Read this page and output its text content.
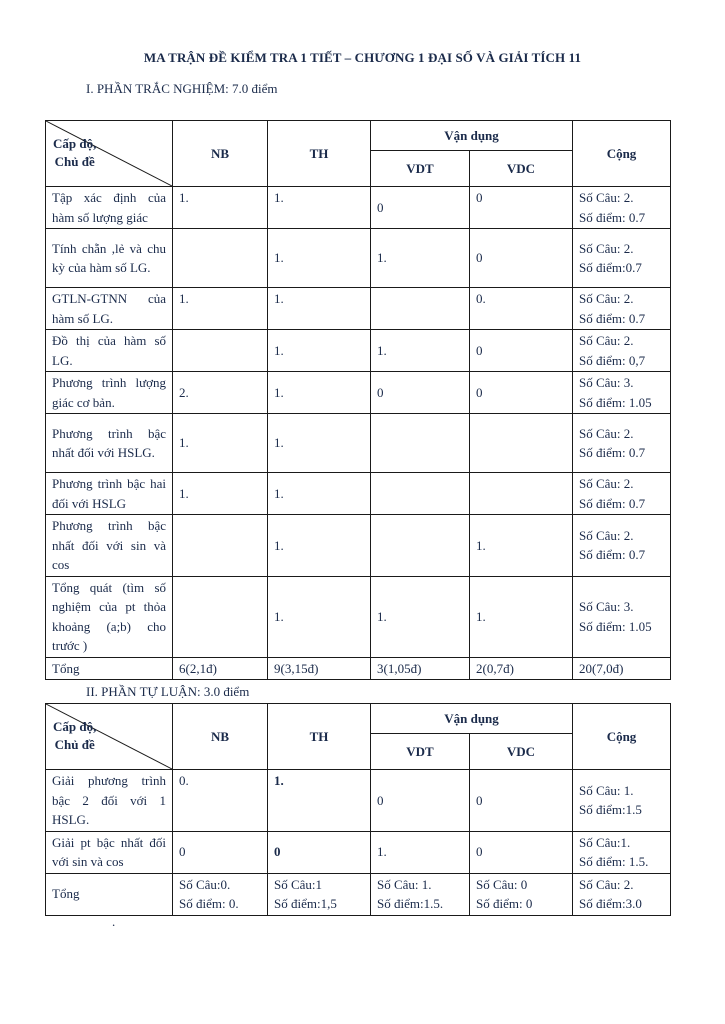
MA TRẬN ĐỀ KIỂM TRA 1 TIẾT – CHƯƠNG 1 ĐẠI SỐ VÀ GIẢI TÍCH 11
I. PHẦN TRẮC NGHIỆM: 7.0 điểm
Cấp độ,
Chủ đề	NB	TH	Vận dụng		Cộng
			VDT	VDC	
Tập xác định của hàm số lượng giác	1.	1.	0	0	Số Câu: 2.
Số điểm: 0.7
Tính chẵn ,lẻ và chu kỳ của hàm số LG.		1.	1.	0	Số Câu: 2.
Số điểm:0.7
GTLN-GTNN của hàm số LG.	1.	1.		0.	Số Câu: 2.
Số điểm: 0.7
Đồ thị của hàm số LG.		1.	1.	0	Số Câu: 2.
Số điểm: 0,7
Phương trình lượng giác cơ bản.	2.	1.	0	0	Số Câu: 3.
Số điểm: 1.05
Phương trình bậc nhất đối với HSLG.	1.	1.			Số Câu: 2.
Số điểm: 0.7
Phương trình bậc hai đối với HSLG	1.	1.			Số Câu: 2.
Số điểm: 0.7
Phương trình bậc nhất đối với sin và cos		1.		1.	Số Câu: 2.
Số điểm: 0.7
Tổng quát (tìm số nghiệm của pt thỏa khoảng (a;b) cho trước )		1.	1.	1.	Số Câu: 3.
Số điểm: 1.05
Tổng	6(2,1đ)	9(3,15đ)	3(1,05đ)	2(0,7đ)	20(7,0đ)
II. PHẦN TỰ LUẬN: 3.0 điểm
Cấp độ,
Chủ đề	NB	TH	Vận dụng		Cộng
			VDT	VDC	
Giải phương trình bậc 2 đối với 1 HSLG.	0.	1.	0	0	Số Câu: 1.
Số điểm:1.5
Giải pt bậc nhất đối với sin và cos	0	0	1.	0	Số Câu:1.
Số điểm: 1.5.
Tổng	Số Câu:0.
Số điểm: 0.	Số Câu:1
Số điểm:1,5	Số Câu: 1.
Số điểm:1.5.	Số Câu: 0
Số điểm: 0	Số Câu: 2.
Số điểm:3.0
.
